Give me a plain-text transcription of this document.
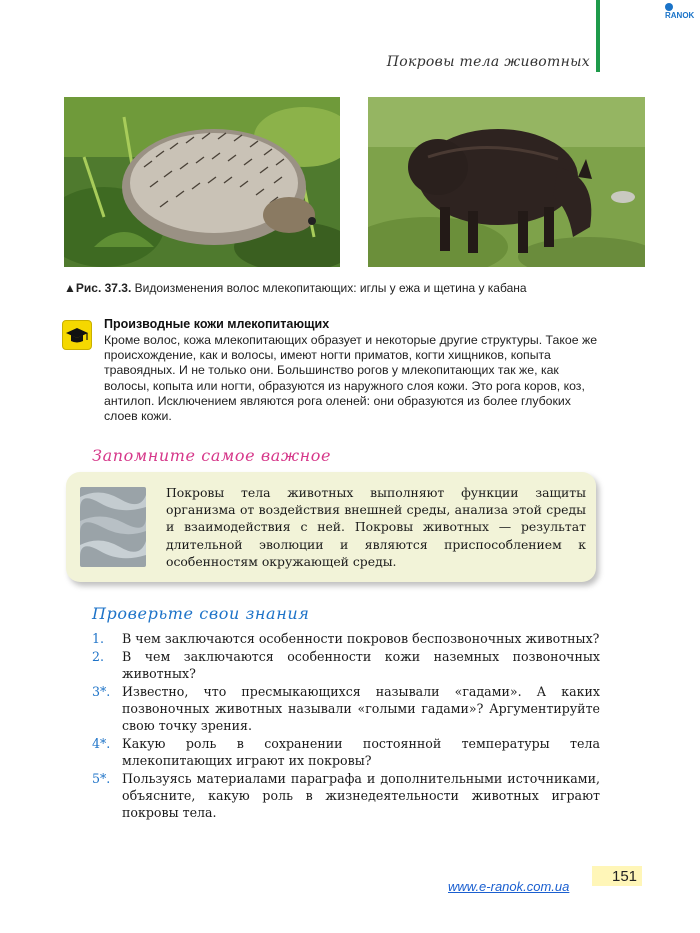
RANOK
Покровы тела животных
▲Рис. 37.3. Видоизменения волос млекопитающих: иглы у ежа и щетина у кабана
Производные кожи млекопитающих
Кроме волос, кожа млекопитающих образует и некоторые другие структуры. Такое же происхождение, как и волосы, имеют ногти приматов, когти хищников, копыта травоядных. И не только они. Большинство рогов у млекопитающих так же, как волосы, копыта или ногти, образуются из наружного слоя кожи. Это рога коров, коз, антилоп. Исключением являются рога оленей: они образуются из более глубоких слоев кожи.
Запомните самое важное
Покровы тела животных выполняют функции защиты организма от воздействия внешней среды, анализа этой среды и взаимодействия с ней. Покровы животных — результат длительной эволюции и являются приспособлением к особенностям окружающей среды.
Проверьте свои знания
1. В чем заключаются особенности покровов беспозвоночных животных?
2. В чем заключаются особенности кожи наземных позвоночных животных?
3*. Известно, что пресмыкающихся называли «гадами». А каких позвоночных животных называли «голыми гадами»? Аргументируйте свою точку зрения.
4*. Какую роль в сохранении постоянной температуры тела млекопитающих играют их покровы?
5*. Пользуясь материалами параграфа и дополнительными источниками, объясните, какую роль в жизнедеятельности животных играют покровы тела.
www.e-ranok.com.ua
151
